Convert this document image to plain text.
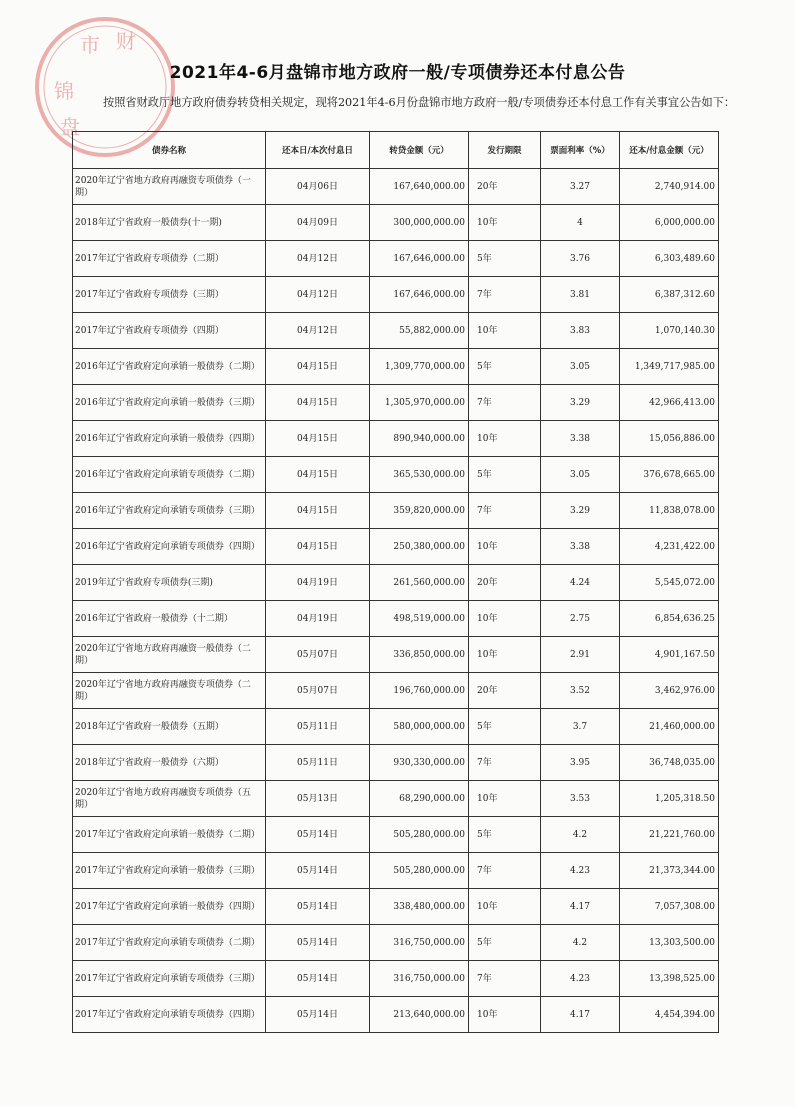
市 财
锦
盘
2021年4-6月盘锦市地方政府一般/专项债券还本付息公告
按照省财政厅地方政府债券转贷相关规定，现将2021年4-6月份盘锦市地方政府一般/专项债券还本付息工作有关事宜公告如下：
债券名称	还本日/本次付息日	转贷金额（元）	发行期限	票面利率（%）	还本/付息金额（元）
2020年辽宁省地方政府再融资专项债券（一期）	04月06日	167,640,000.00	20年	3.27	2,740,914.00
2018年辽宁省政府一般债券(十一期)	04月09日	300,000,000.00	10年	4	6,000,000.00
2017年辽宁省政府专项债券（二期）	04月12日	167,646,000.00	5年	3.76	6,303,489.60
2017年辽宁省政府专项债券（三期）	04月12日	167,646,000.00	7年	3.81	6,387,312.60
2017年辽宁省政府专项债券（四期）	04月12日	55,882,000.00	10年	3.83	1,070,140.30
2016年辽宁省政府定向承销一般债券（二期）	04月15日	1,309,770,000.00	5年	3.05	1,349,717,985.00
2016年辽宁省政府定向承销一般债券（三期）	04月15日	1,305,970,000.00	7年	3.29	42,966,413.00
2016年辽宁省政府定向承销一般债券（四期）	04月15日	890,940,000.00	10年	3.38	15,056,886.00
2016年辽宁省政府定向承销专项债券（二期）	04月15日	365,530,000.00	5年	3.05	376,678,665.00
2016年辽宁省政府定向承销专项债券（三期）	04月15日	359,820,000.00	7年	3.29	11,838,078.00
2016年辽宁省政府定向承销专项债券（四期）	04月15日	250,380,000.00	10年	3.38	4,231,422.00
2019年辽宁省政府专项债券(三期)	04月19日	261,560,000.00	20年	4.24	5,545,072.00
2016年辽宁省政府一般债券（十二期）	04月19日	498,519,000.00	10年	2.75	6,854,636.25
2020年辽宁省地方政府再融资一般债券（二期）	05月07日	336,850,000.00	10年	2.91	4,901,167.50
2020年辽宁省地方政府再融资专项债券（二期）	05月07日	196,760,000.00	20年	3.52	3,462,976.00
2018年辽宁省政府一般债券（五期）	05月11日	580,000,000.00	5年	3.7	21,460,000.00
2018年辽宁省政府一般债券（六期）	05月11日	930,330,000.00	7年	3.95	36,748,035.00
2020年辽宁省地方政府再融资专项债券（五期）	05月13日	68,290,000.00	10年	3.53	1,205,318.50
2017年辽宁省政府定向承销一般债券（二期）	05月14日	505,280,000.00	5年	4.2	21,221,760.00
2017年辽宁省政府定向承销一般债券（三期）	05月14日	505,280,000.00	7年	4.23	21,373,344.00
2017年辽宁省政府定向承销一般债券（四期）	05月14日	338,480,000.00	10年	4.17	7,057,308.00
2017年辽宁省政府定向承销专项债券（二期）	05月14日	316,750,000.00	5年	4.2	13,303,500.00
2017年辽宁省政府定向承销专项债券（三期）	05月14日	316,750,000.00	7年	4.23	13,398,525.00
2017年辽宁省政府定向承销专项债券（四期）	05月14日	213,640,000.00	10年	4.17	4,454,394.00
